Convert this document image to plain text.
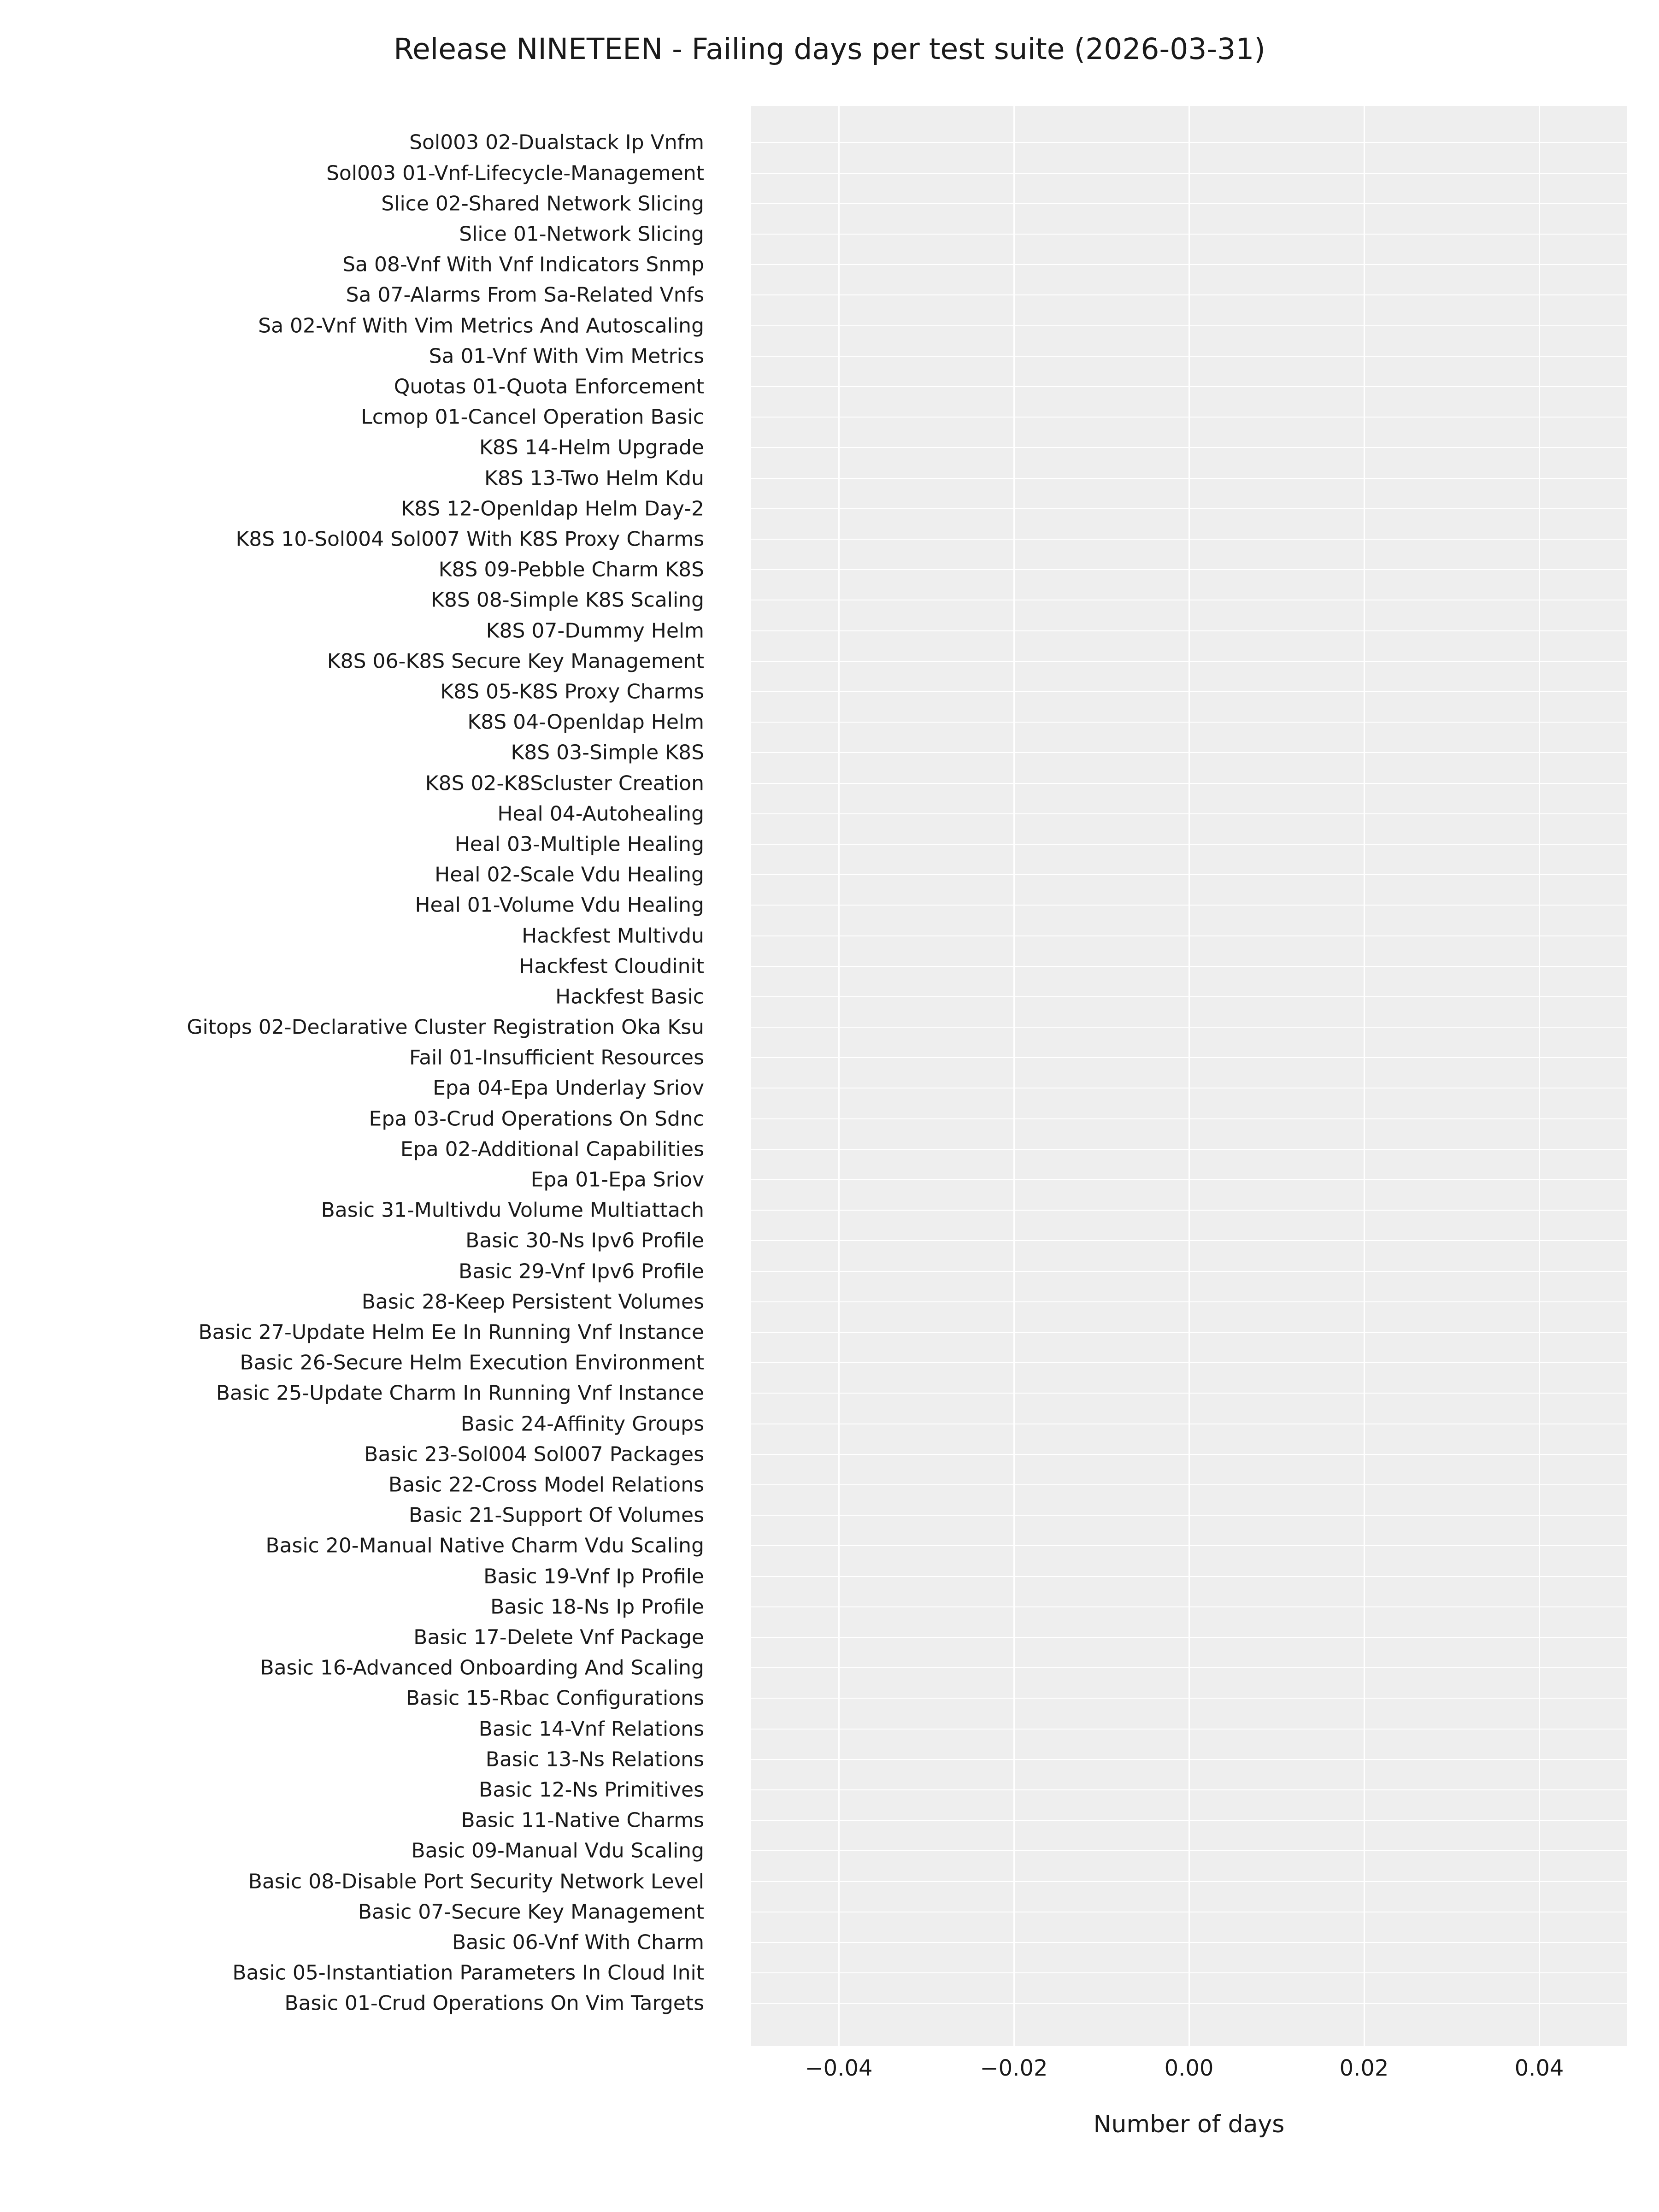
Release NINETEEN - Failing days per test suite (2026-03-31)
Sol003 02-Dualstack Ip Vnfm
Sol003 01-Vnf-Lifecycle-Management
Slice 02-Shared Network Slicing
Slice 01-Network Slicing
Sa 08-Vnf With Vnf Indicators Snmp
Sa 07-Alarms From Sa-Related Vnfs
Sa 02-Vnf With Vim Metrics And Autoscaling
Sa 01-Vnf With Vim Metrics
Quotas 01-Quota Enforcement
Lcmop 01-Cancel Operation Basic
K8S 14-Helm Upgrade
K8S 13-Two Helm Kdu
K8S 12-Openldap Helm Day-2
K8S 10-Sol004 Sol007 With K8S Proxy Charms
K8S 09-Pebble Charm K8S
K8S 08-Simple K8S Scaling
K8S 07-Dummy Helm
K8S 06-K8S Secure Key Management
K8S 05-K8S Proxy Charms
K8S 04-Openldap Helm
K8S 03-Simple K8S
K8S 02-K8Scluster Creation
Heal 04-Autohealing
Heal 03-Multiple Healing
Heal 02-Scale Vdu Healing
Heal 01-Volume Vdu Healing
Hackfest Multivdu
Hackfest Cloudinit
Hackfest Basic
Gitops 02-Declarative Cluster Registration Oka Ksu
Fail 01-Insufficient Resources
Epa 04-Epa Underlay Sriov
Epa 03-Crud Operations On Sdnc
Epa 02-Additional Capabilities
Epa 01-Epa Sriov
Basic 31-Multivdu Volume Multiattach
Basic 30-Ns Ipv6 Profile
Basic 29-Vnf Ipv6 Profile
Basic 28-Keep Persistent Volumes
Basic 27-Update Helm Ee In Running Vnf Instance
Basic 26-Secure Helm Execution Environment
Basic 25-Update Charm In Running Vnf Instance
Basic 24-Affinity Groups
Basic 23-Sol004 Sol007 Packages
Basic 22-Cross Model Relations
Basic 21-Support Of Volumes
Basic 20-Manual Native Charm Vdu Scaling
Basic 19-Vnf Ip Profile
Basic 18-Ns Ip Profile
Basic 17-Delete Vnf Package
Basic 16-Advanced Onboarding And Scaling
Basic 15-Rbac Configurations
Basic 14-Vnf Relations
Basic 13-Ns Relations
Basic 12-Ns Primitives
Basic 11-Native Charms
Basic 09-Manual Vdu Scaling
Basic 08-Disable Port Security Network Level
Basic 07-Secure Key Management
Basic 06-Vnf With Charm
Basic 05-Instantiation Parameters In Cloud Init
Basic 01-Crud Operations On Vim Targets
−0.04	−0.02	0.00	0.02	0.04
Number of days
